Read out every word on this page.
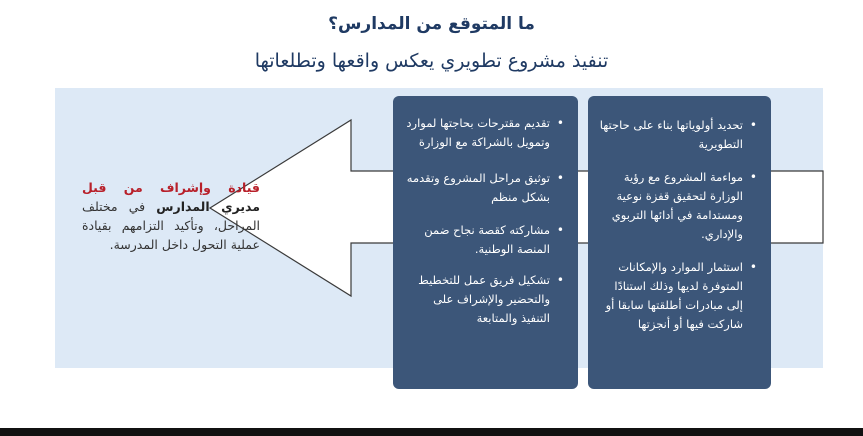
ما المتوقع من المدارس؟
تنفيذ مشروع تطويري يعكس واقعها وتطلعاتها
قيادة وإشراف من قبل مديري المدارس في مختلف المراحل، وتأكيد التزامهم بقيادة عملية التحول داخل المدرسة.
• تحديد أولوياتها بناء على حاجتها التطويرية
• مواءمة المشروع مع رؤية الوزارة لتحقيق قفزة نوعية ومستدامة في أدائها التربوي والإداري.
• استثمار الموارد والإمكانات المتوفرة لديها وذلك استنادًا إلى مبادرات أطلقتها سابقا أو شاركت فيها أو أنجزتها
• تقديم مقترحات بحاجتها لموارد وتمويل بالشراكة مع الوزارة
• توثيق مراحل المشروع وتقدمه بشكل منظم
• مشاركته كقصة نجاح ضمن المنصة الوطنية.
• تشكيل فريق عمل للتخطيط والتحضير والإشراف على التنفيذ والمتابعة
